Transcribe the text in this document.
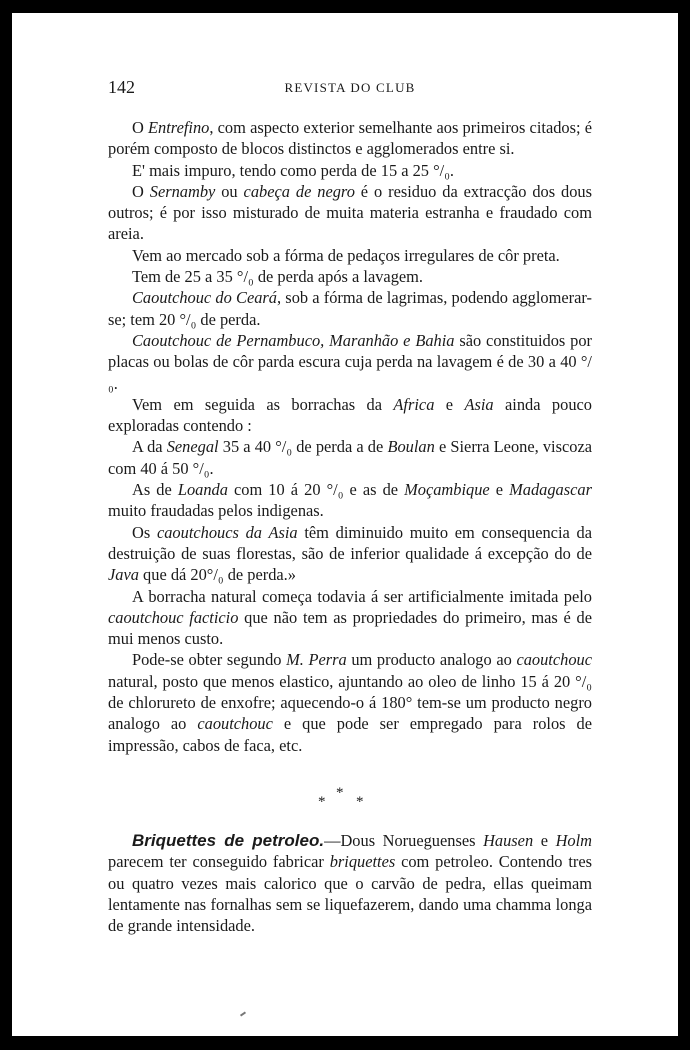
142	REVISTA DO CLUB

O Entrefino, com aspecto exterior semelhante aos primeiros citados; é porém composto de blocos distinctos e agglomerados entre si.

E' mais impuro, tendo como perda de 15 a 25 °/₀.

O Sernamby ou cabeça de negro é o residuo da extracção dos dous outros; é por isso misturado de muita materia estranha e fraudado com areia.

Vem ao mercado sob a fórma de pedaços irregulares de côr preta.

Tem de 25 a 35 °/₀ de perda após a lavagem.

Caoutchouc do Ceará, sob a fórma de lagrimas, podendo agglomerar-se; tem 20 °/₀ de perda.

Caoutchouc de Pernambuco, Maranhão e Bahia são constituidos por placas ou bolas de côr parda escura cuja perda na lavagem é de 30 a 40 °/₀.

Vem em seguida as borrachas da Africa e Asia ainda pouco exploradas contendo :

A da Senegal 35 a 40 °/₀ de perda a de Boulan e Sierra Leone, viscoza com 40 á 50 °/₀.

As de Loanda com 10 á 20 °/₀ e as de Moçambique e Madagascar muito fraudadas pelos indigenas.

Os caoutchoucs da Asia têm diminuido muito em consequencia da destruição de suas florestas, são de inferior qualidade á excepção do de Java que dá 20°/₀ de perda.»

A borracha natural começa todavia á ser artificialmente imitada pelo caoutchouc facticio que não tem as propriedades do primeiro, mas é de mui menos custo.

Pode-se obter segundo M. Perra um producto analogo ao caoutchouc natural, posto que menos elastico, ajuntando ao oleo de linho 15 á 20 °/₀ de chlorureto de enxofre; aquecendo-o á 180° tem-se um producto negro analogo ao caoutchouc e que pode ser empregado para rolos de impressão, cabos de faca, etc.

*
* *

Briquettes de petroleo.—Dous Norueguenses Hausen e Holm parecem ter conseguido fabricar briquettes com petroleo. Contendo tres ou quatro vezes mais calorico que o carvão de pedra, ellas queimam lentamente nas fornalhas sem se liquefazerem, dando uma chamma longa de grande intensidade.
